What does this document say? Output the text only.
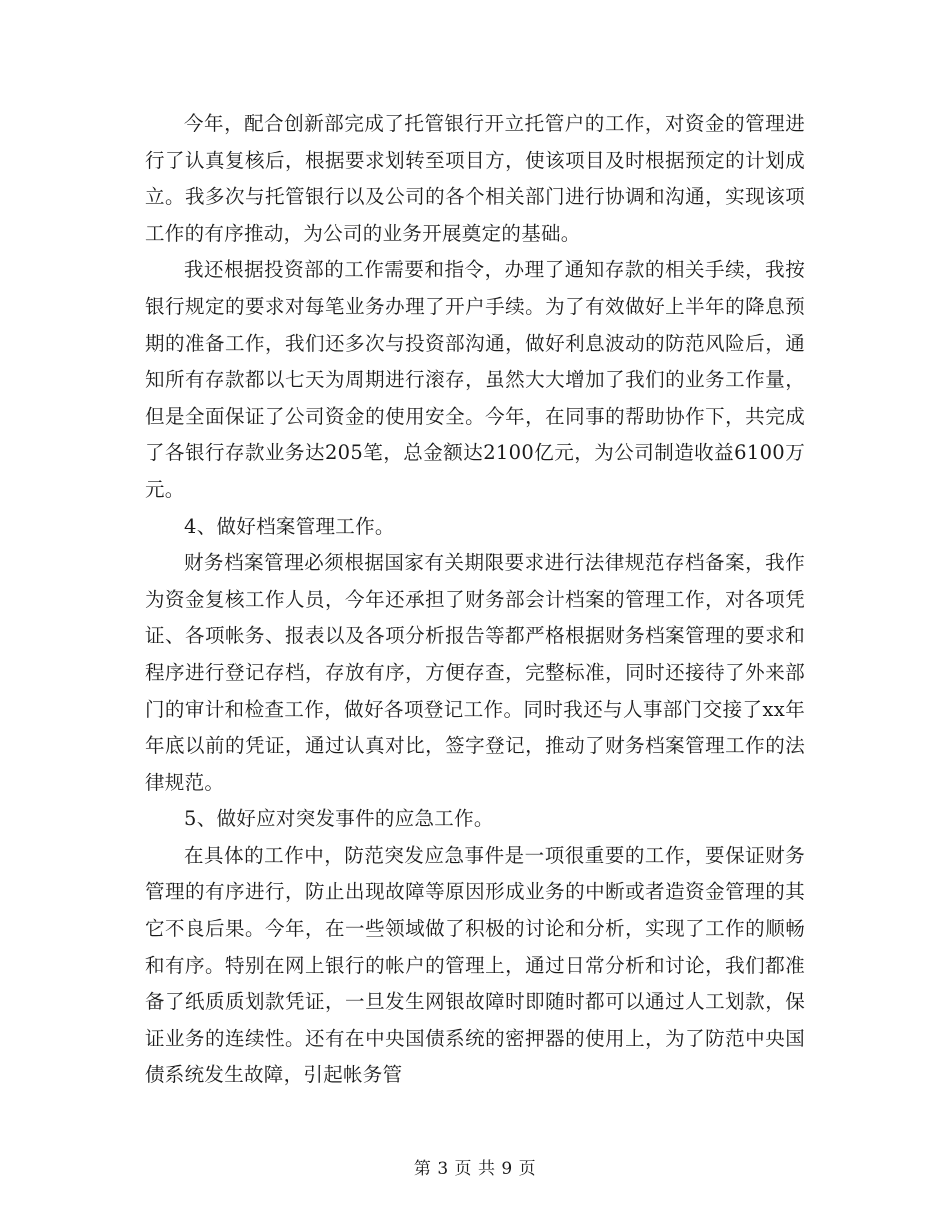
今年，配合创新部完成了托管银行开立托管户的工作，对资金的管理进行了认真复核后，根据要求划转至项目方，使该项目及时根据预定的计划成立。我多次与托管银行以及公司的各个相关部门进行协调和沟通，实现该项工作的有序推动，为公司的业务开展奠定的基础。

我还根据投资部的工作需要和指令，办理了通知存款的相关手续，我按银行规定的要求对每笔业务办理了开户手续。为了有效做好上半年的降息预期的准备工作，我们还多次与投资部沟通，做好利息波动的防范风险后，通知所有存款都以七天为周期进行滚存，虽然大大增加了我们的业务工作量，但是全面保证了公司资金的使用安全。今年，在同事的帮助协作下，共完成了各银行存款业务达205笔，总金额达2100亿元，为公司制造收益6100万元。

4、做好档案管理工作。

财务档案管理必须根据国家有关期限要求进行法律规范存档备案，我作为资金复核工作人员，今年还承担了财务部会计档案的管理工作，对各项凭证、各项帐务、报表以及各项分析报告等都严格根据财务档案管理的要求和程序进行登记存档，存放有序，方便存查，完整标准，同时还接待了外来部门的审计和检查工作，做好各项登记工作。同时我还与人事部门交接了xx年年底以前的凭证，通过认真对比，签字登记，推动了财务档案管理工作的法律规范。

5、做好应对突发事件的应急工作。

在具体的工作中，防范突发应急事件是一项很重要的工作，要保证财务管理的有序进行，防止出现故障等原因形成业务的中断或者造资金管理的其它不良后果。今年，在一些领域做了积极的讨论和分析，实现了工作的顺畅和有序。特别在网上银行的帐户的管理上，通过日常分析和讨论，我们都准备了纸质质划款凭证，一旦发生网银故障时即随时都可以通过人工划款，保证业务的连续性。还有在中央国债系统的密押器的使用上，为了防范中央国债系统发生故障，引起帐务管

第 3 页 共 9 页
